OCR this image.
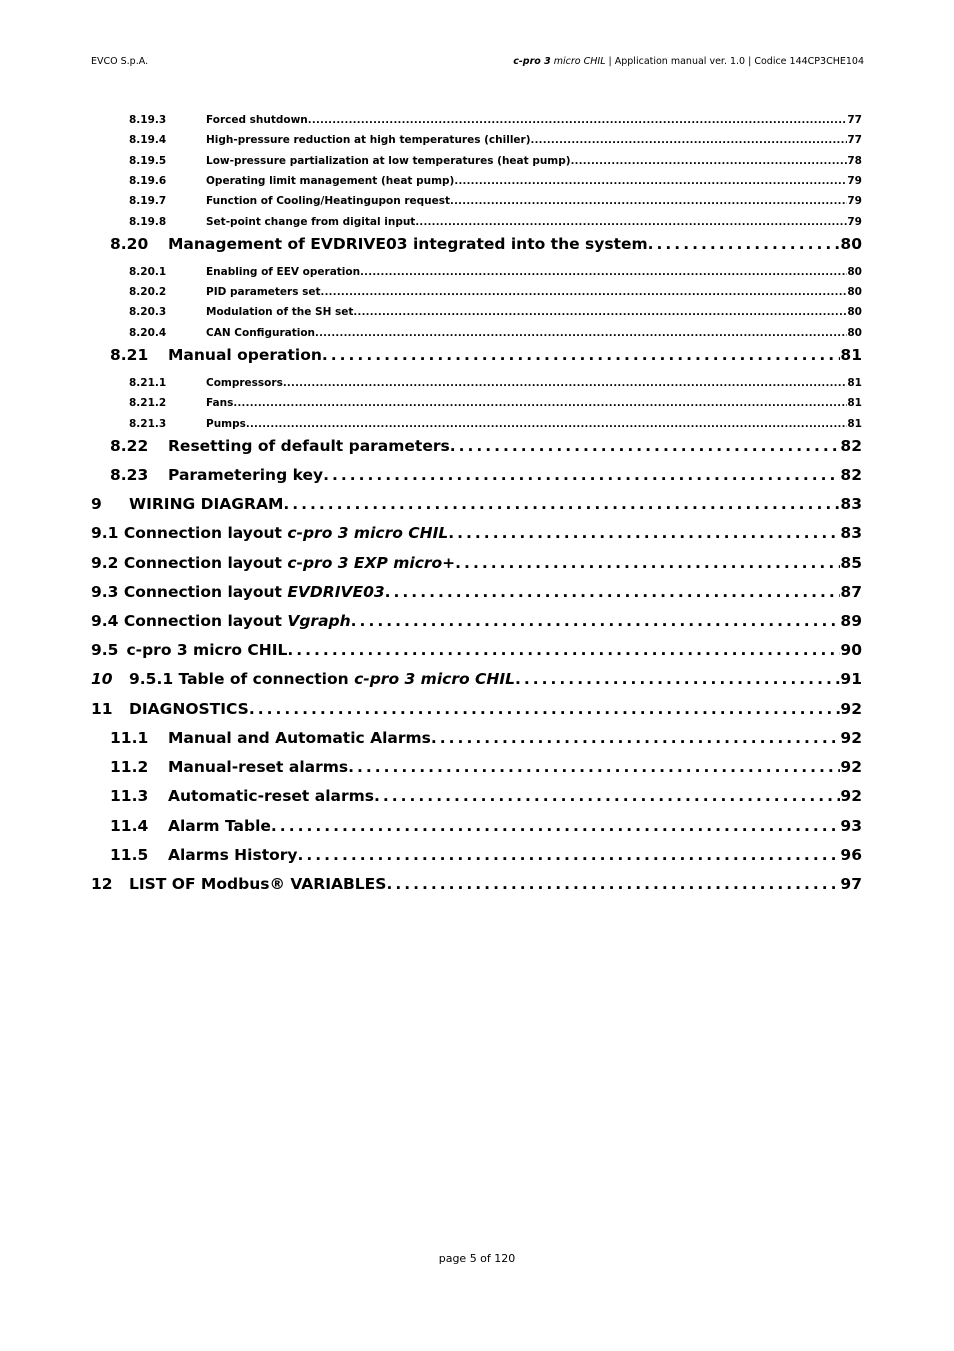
EVCO S.p.A.	c-pro 3 micro CHIL | Application manual ver. 1.0 | Codice 144CP3CHE104
8.19.3	Forced shutdown . . .	77
8.19.4	High-pressure reduction at high temperatures (chiller) . . .	77
8.19.5	Low-pressure partialization at low temperatures (heat pump) . . .	78
8.19.6	Operating limit management (heat pump) . . .	79
8.19.7	Function of Cooling/Heatingupon request . . .	79
8.19.8	Set-point change from digital input . . .	79
8.20	Management of EVDRIVE03 integrated into the system . . .	80
8.20.1	Enabling of EEV operation . . .	80
8.20.2	PID parameters set . . .	80
8.20.3	Modulation of the SH set . . .	80
8.20.4	CAN Configuration . . .	80
8.21	Manual operation . . .	81
8.21.1	Compressors . . .	81
8.21.2	Fans . . .	81
8.21.3	Pumps . . .	81
8.22	Resetting of default parameters . . .	82
8.23	Parametering key . . .	82
9	WIRING DIAGRAM . . .	83
9.1 Connection layout c-pro 3 micro CHIL . . .	83
9.2 Connection layout c-pro 3 EXP micro+ . . .	85
9.3 Connection layout EVDRIVE03 . . .	87
9.4 Connection layout Vgraph . . .	89
9.5 c-pro 3 micro CHIL . . .	90
10	9.5.1 Table of connection c-pro 3 micro CHIL . . .	91
11	DIAGNOSTICS . . .	92
11.1	Manual and Automatic Alarms . . .	92
11.2	Manual-reset alarms . . .	92
11.3	Automatic-reset alarms . . .	92
11.4	Alarm Table . . .	93
11.5	Alarms History . . .	96
12	LIST OF Modbus® VARIABLES . . .	97
page 5 of 120
